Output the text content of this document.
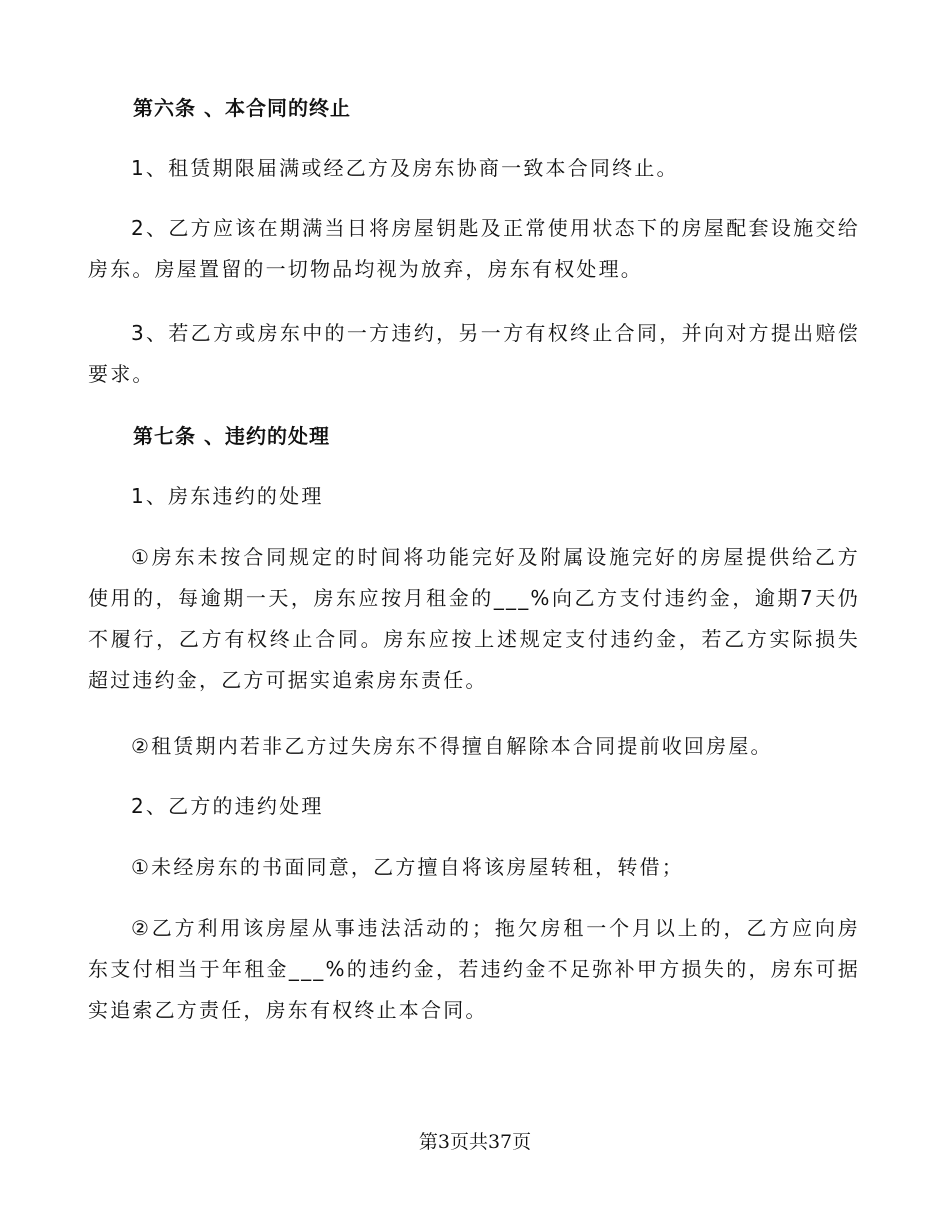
第六条 、本合同的终止
1、租赁期限届满或经乙方及房东协商一致本合同终止。
2、乙方应该在期满当日将房屋钥匙及正常使用状态下的房屋配套设施交给房东。房屋置留的一切物品均视为放弃，房东有权处理。
3、若乙方或房东中的一方违约，另一方有权终止合同，并向对方提出赔偿要求。
第七条 、违约的处理
1、房东违约的处理
①房东未按合同规定的时间将功能完好及附属设施完好的房屋提供给乙方使用的，每逾期一天，房东应按月租金的___%向乙方支付违约金，逾期7天仍不履行，乙方有权终止合同。房东应按上述规定支付违约金，若乙方实际损失超过违约金，乙方可据实追索房东责任。
②租赁期内若非乙方过失房东不得擅自解除本合同提前收回房屋。
2、乙方的违约处理
①未经房东的书面同意，乙方擅自将该房屋转租，转借；
②乙方利用该房屋从事违法活动的；拖欠房租一个月以上的，乙方应向房东支付相当于年租金___%的违约金，若违约金不足弥补甲方损失的，房东可据实追索乙方责任，房东有权终止本合同。
第3页共37页
